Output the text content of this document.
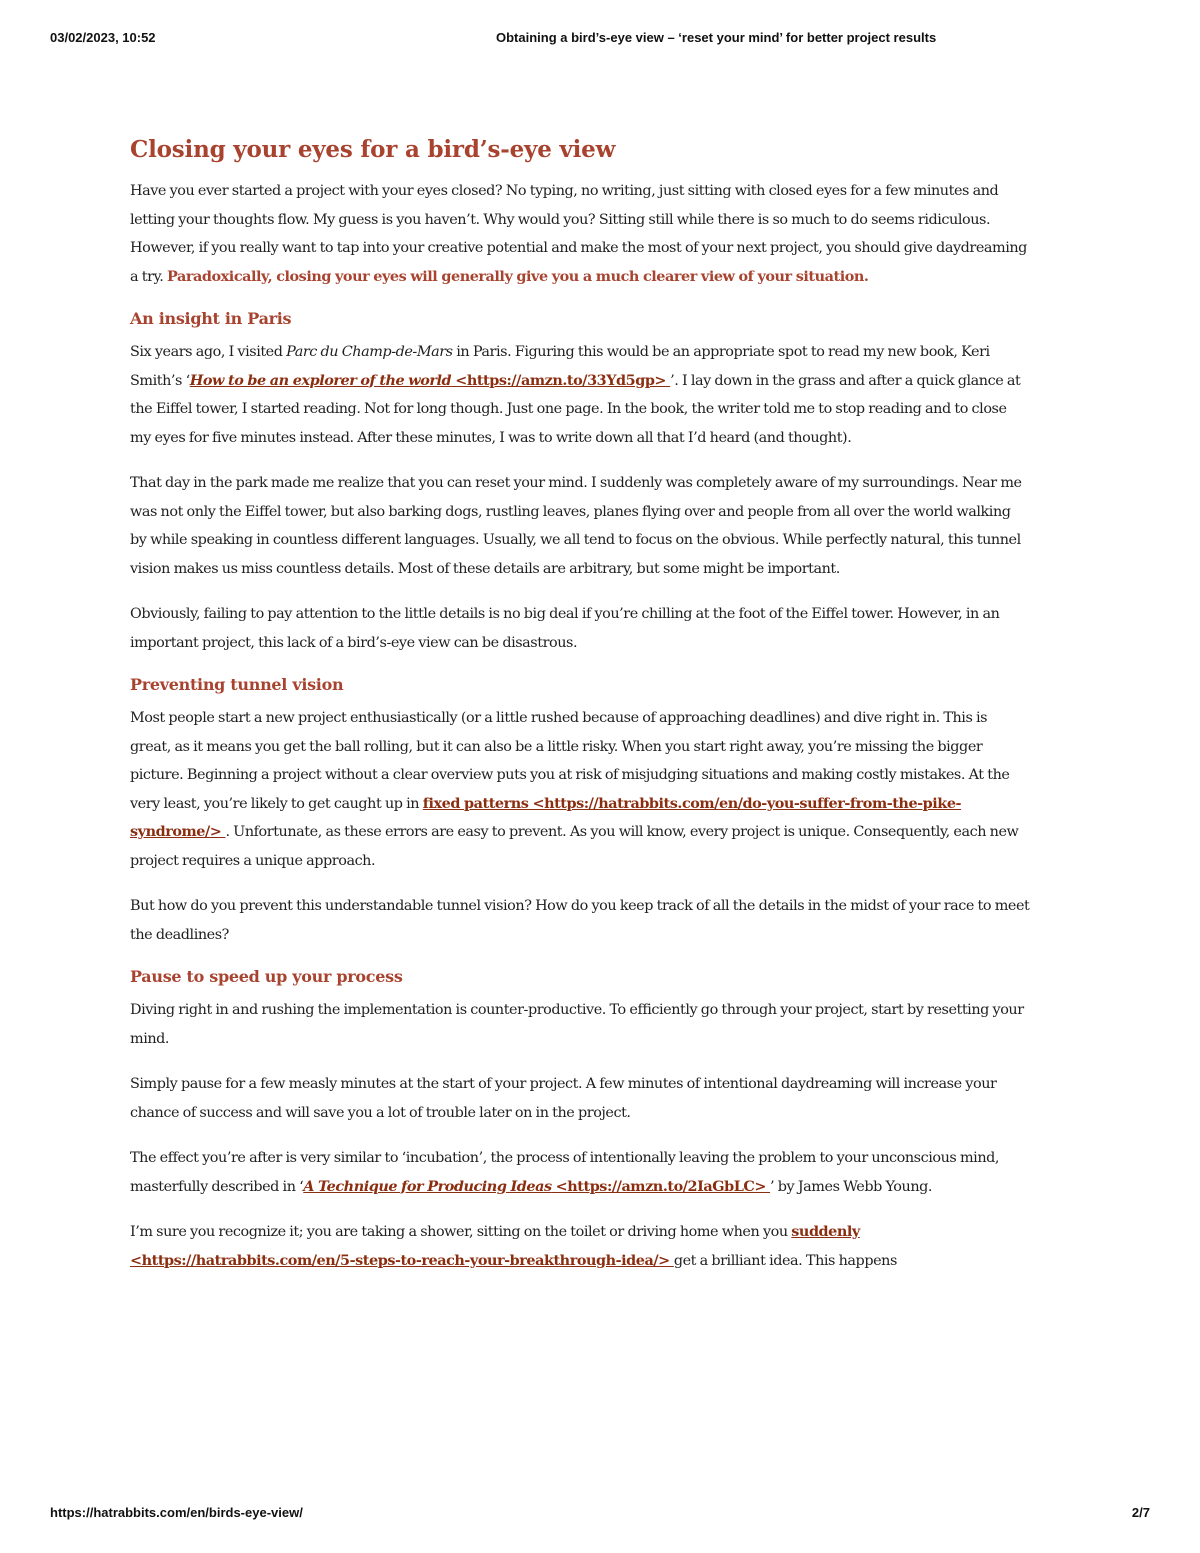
03/02/2023, 10:52	Obtaining a bird’s-eye view – ‘reset your mind’ for better project results
Closing your eyes for a bird’s-eye view

Have you ever started a project with your eyes closed? No typing, no writing, just sitting with closed eyes for a few minutes and letting your thoughts flow. My guess is you haven’t. Why would you? Sitting still while there is so much to do seems ridiculous. However, if you really want to tap into your creative potential and make the most of your next project, you should give daydreaming a try. Paradoxically, closing your eyes will generally give you a much clearer view of your situation.

An insight in Paris

Six years ago, I visited Parc du Champ-de-Mars in Paris. Figuring this would be an appropriate spot to read my new book, Keri Smith’s ‘How to be an explorer of the world <https://amzn.to/33Yd5gp> ’. I lay down in the grass and after a quick glance at the Eiffel tower, I started reading. Not for long though. Just one page. In the book, the writer told me to stop reading and to close my eyes for five minutes instead. After these minutes, I was to write down all that I’d heard (and thought).

That day in the park made me realize that you can reset your mind. I suddenly was completely aware of my surroundings. Near me was not only the Eiffel tower, but also barking dogs, rustling leaves, planes flying over and people from all over the world walking by while speaking in countless different languages. Usually, we all tend to focus on the obvious. While perfectly natural, this tunnel vision makes us miss countless details. Most of these details are arbitrary, but some might be important.

Obviously, failing to pay attention to the little details is no big deal if you’re chilling at the foot of the Eiffel tower. However, in an important project, this lack of a bird’s-eye view can be disastrous.

Preventing tunnel vision

Most people start a new project enthusiastically (or a little rushed because of approaching deadlines) and dive right in. This is great, as it means you get the ball rolling, but it can also be a little risky. When you start right away, you’re missing the bigger picture. Beginning a project without a clear overview puts you at risk of misjudging situations and making costly mistakes. At the very least, you’re likely to get caught up in fixed patterns <https://hatrabbits.com/en/do-you-suffer-from-the-pike-syndrome/> . Unfortunate, as these errors are easy to prevent. As you will know, every project is unique. Consequently, each new project requires a unique approach.

But how do you prevent this understandable tunnel vision? How do you keep track of all the details in the midst of your race to meet the deadlines?

Pause to speed up your process

Diving right in and rushing the implementation is counter-productive. To efficiently go through your project, start by resetting your mind.

Simply pause for a few measly minutes at the start of your project. A few minutes of intentional daydreaming will increase your chance of success and will save you a lot of trouble later on in the project.

The effect you’re after is very similar to ‘incubation’, the process of intentionally leaving the problem to your unconscious mind, masterfully described in ‘A Technique for Producing Ideas <https://amzn.to/2IaGbLC> ’ by James Webb Young.

I’m sure you recognize it; you are taking a shower, sitting on the toilet or driving home when you suddenly <https://hatrabbits.com/en/5-steps-to-reach-your-breakthrough-idea/> get a brilliant idea. This happens

https://hatrabbits.com/en/birds-eye-view/	2/7
